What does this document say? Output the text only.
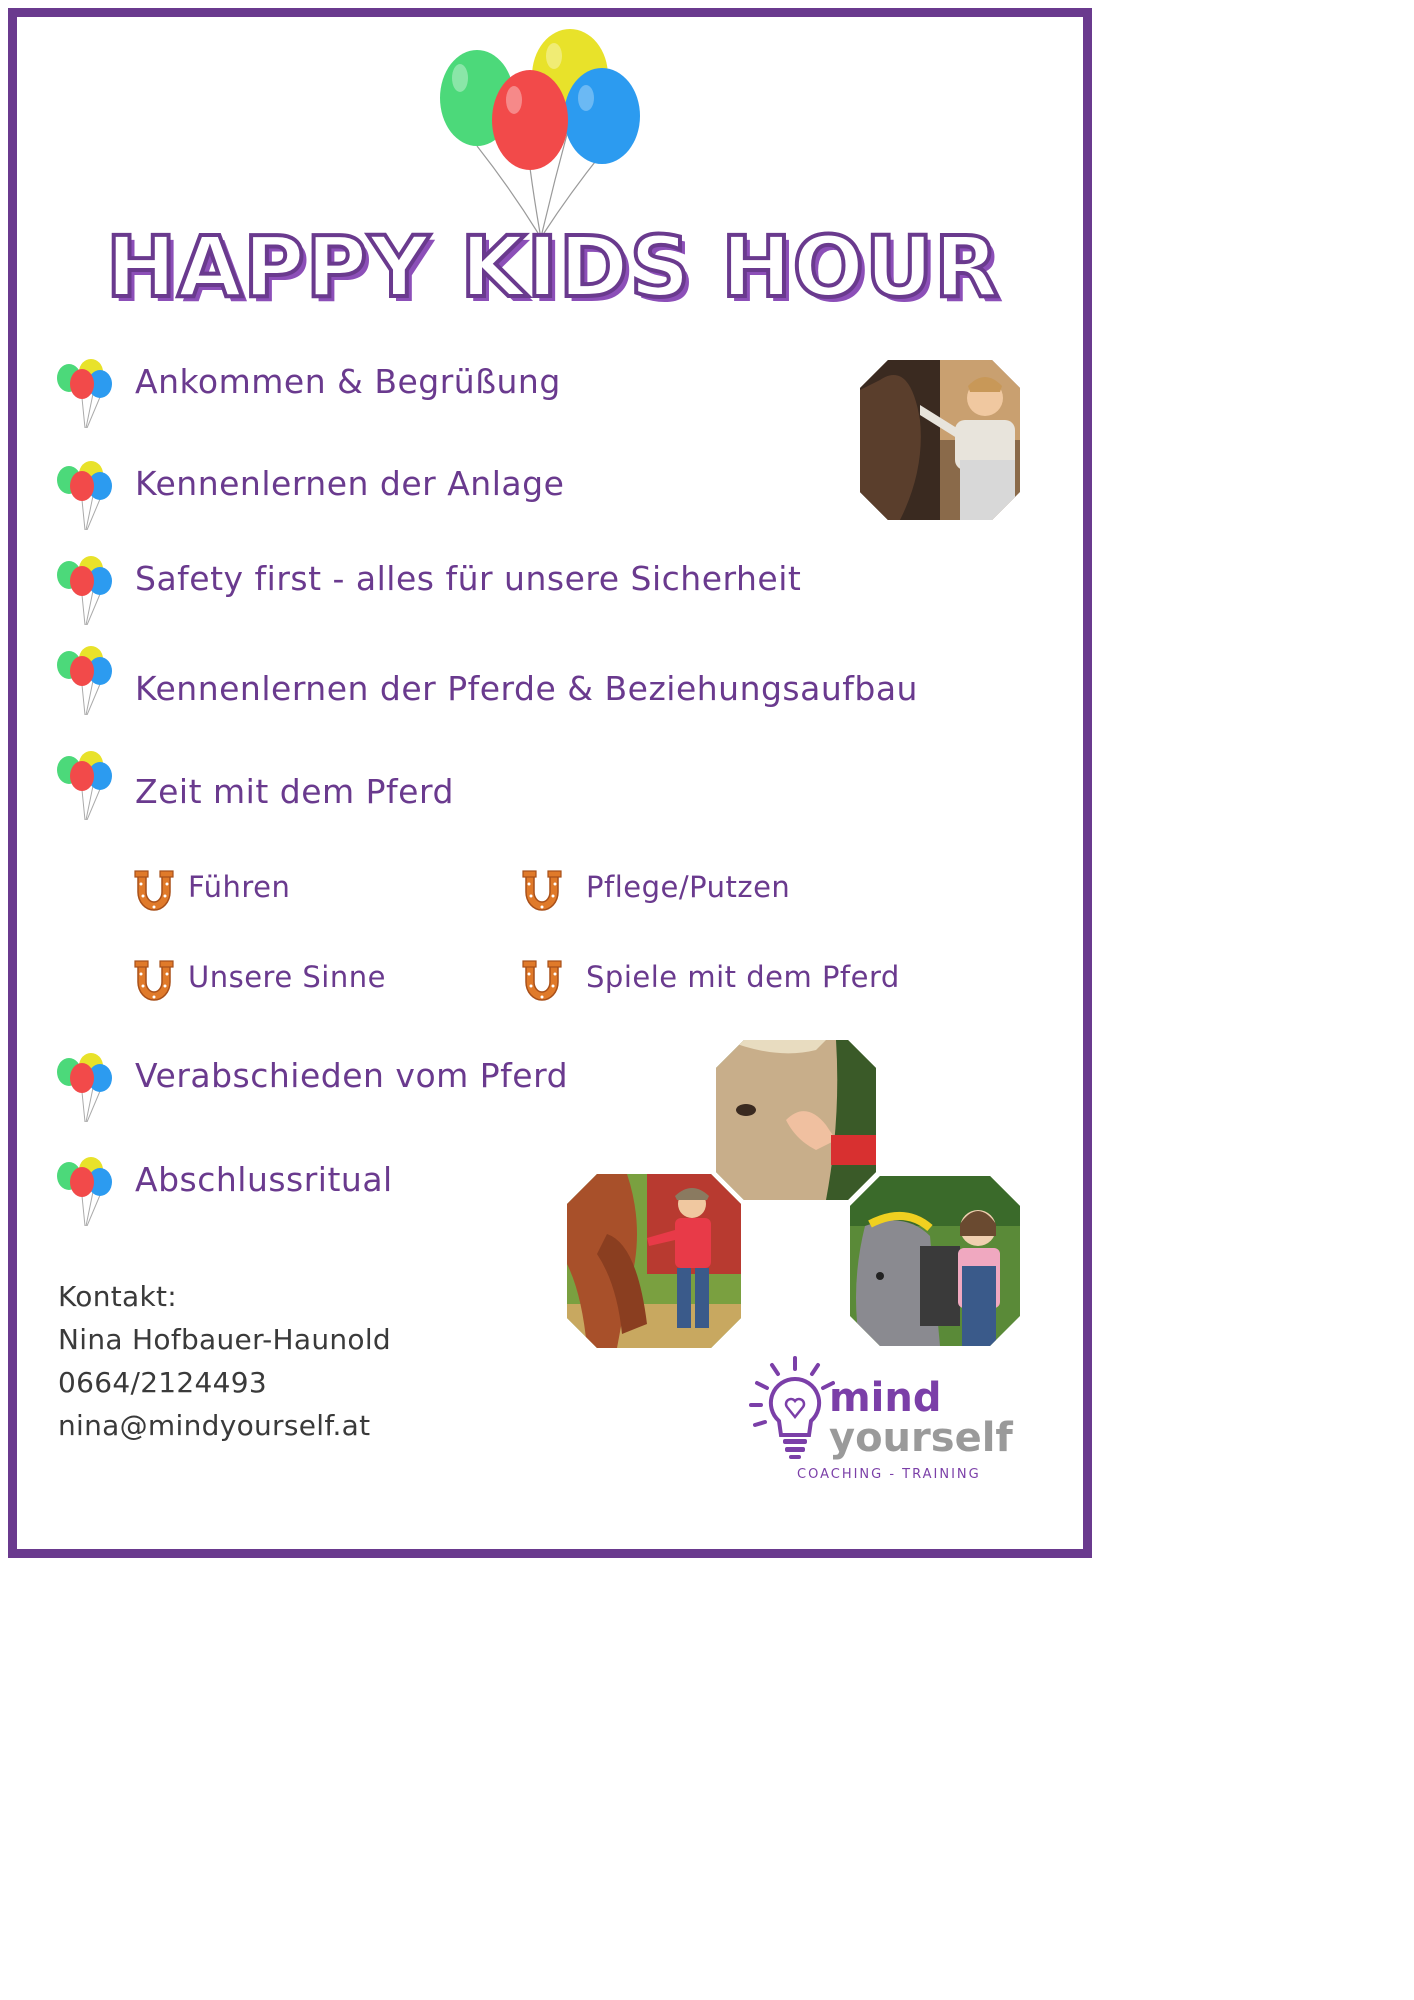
HAPPY KIDS HOUR
Ankommen & Begrüßung
Kennenlernen der Anlage
Safety first - alles für unsere Sicherheit
Kennenlernen der Pferde & Beziehungsaufbau
Zeit mit dem Pferd
Führen	Pflege/Putzen
Unsere Sinne	Spiele mit dem Pferd
Verabschieden vom Pferd
Abschlussritual
Kontakt:
Nina Hofbauer-Haunold
0664/2124493
nina@mindyourself.at
mind
yourself
COACHING - TRAINING
